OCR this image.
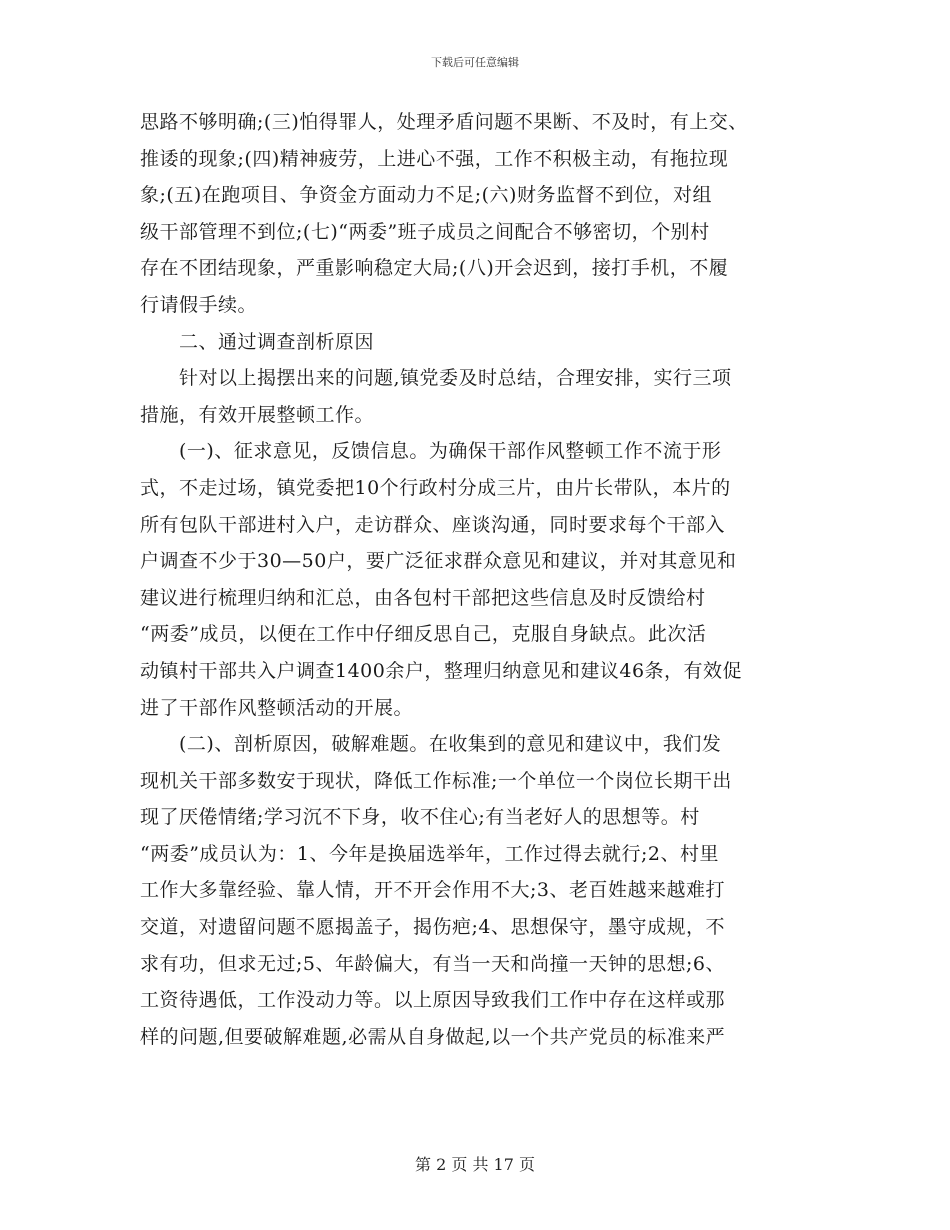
下载后可任意编辑
思路不够明确;(三)怕得罪人，处理矛盾问题不果断、不及时，有上交、
推诿的现象;(四)精神疲劳，上进心不强，工作不积极主动，有拖拉现
象;(五)在跑项目、争资金方面动力不足;(六)财务监督不到位，对组
级干部管理不到位;(七)“两委”班子成员之间配合不够密切，个别村
存在不团结现象，严重影响稳定大局;(八)开会迟到，接打手机，不履
行请假手续。
　　二、通过调查剖析原因
　　针对以上揭摆出来的问题,镇党委及时总结，合理安排，实行三项
措施，有效开展整顿工作。
　　(一)、征求意见，反馈信息。为确保干部作风整顿工作不流于形
式，不走过场，镇党委把10个行政村分成三片，由片长带队，本片的
所有包队干部进村入户，走访群众、座谈沟通，同时要求每个干部入
户调查不少于30—50户，要广泛征求群众意见和建议，并对其意见和
建议进行梳理归纳和汇总，由各包村干部把这些信息及时反馈给村
“两委”成员，以便在工作中仔细反思自己，克服自身缺点。此次活
动镇村干部共入户调查1400余户，整理归纳意见和建议46条，有效促
进了干部作风整顿活动的开展。
　　(二)、剖析原因，破解难题。在收集到的意见和建议中，我们发
现机关干部多数安于现状，降低工作标准;一个单位一个岗位长期干出
现了厌倦情绪;学习沉不下身，收不住心;有当老好人的思想等。村
“两委”成员认为：1、今年是换届选举年，工作过得去就行;2、村里
工作大多靠经验、靠人情，开不开会作用不大;3、老百姓越来越难打
交道，对遗留问题不愿揭盖子，揭伤疤;4、思想保守，墨守成规，不
求有功，但求无过;5、年龄偏大，有当一天和尚撞一天钟的思想;6、
工资待遇低，工作没动力等。以上原因导致我们工作中存在这样或那
样的问题,但要破解难题,必需从自身做起,以一个共产党员的标准来严
第 2 页 共 17 页
